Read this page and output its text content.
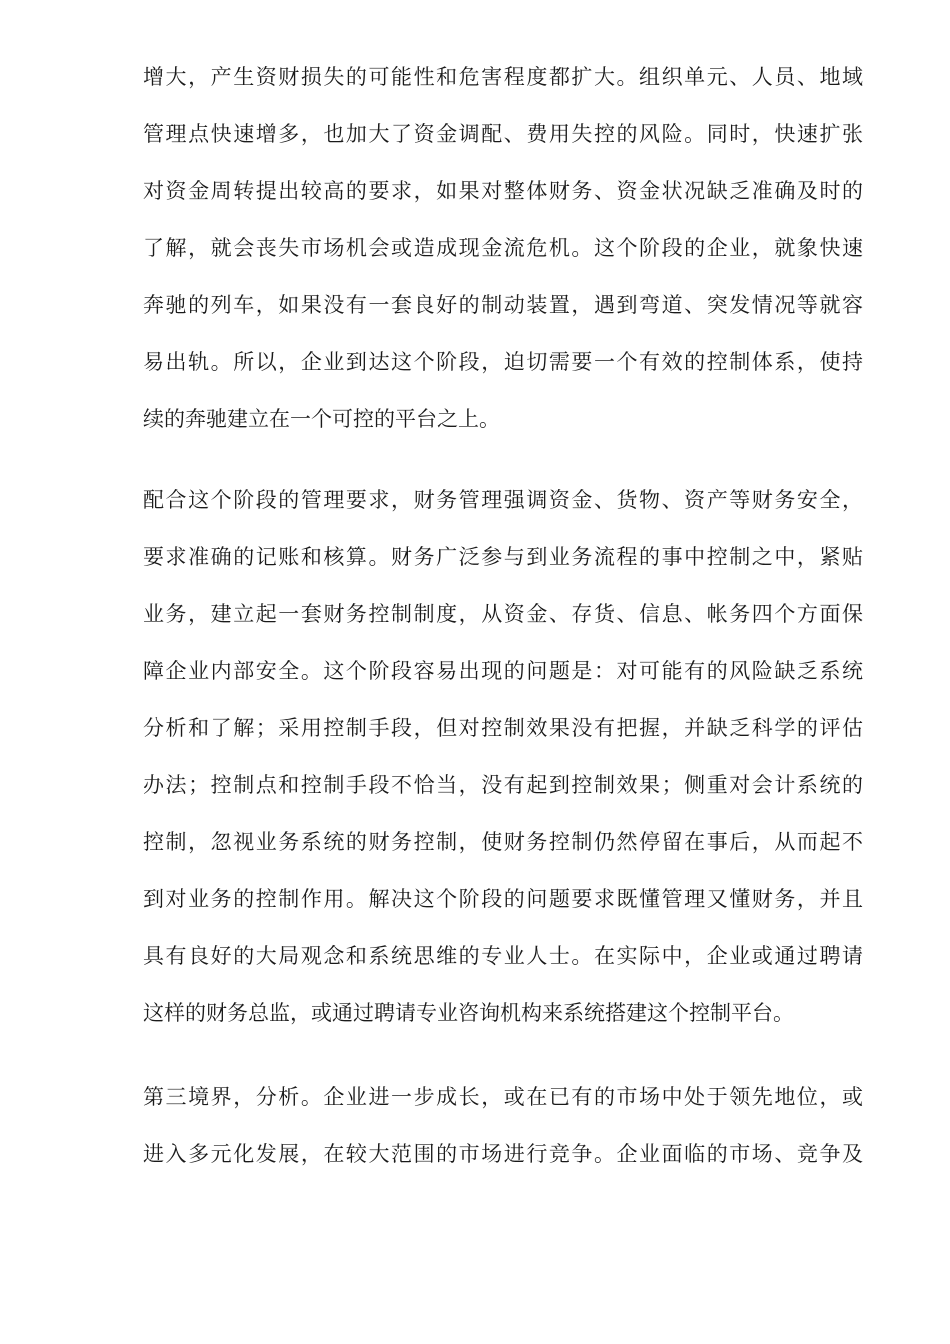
增大，产生资财损失的可能性和危害程度都扩大。组织单元、人员、地域
管理点快速增多，也加大了资金调配、费用失控的风险。同时，快速扩张
对资金周转提出较高的要求，如果对整体财务、资金状况缺乏准确及时的
了解，就会丧失市场机会或造成现金流危机。这个阶段的企业，就象快速
奔驰的列车，如果没有一套良好的制动装置，遇到弯道、突发情况等就容
易出轨。所以，企业到达这个阶段，迫切需要一个有效的控制体系，使持
续的奔驰建立在一个可控的平台之上。
配合这个阶段的管理要求，财务管理强调资金、货物、资产等财务安全，
要求准确的记账和核算。财务广泛参与到业务流程的事中控制之中，紧贴
业务，建立起一套财务控制制度，从资金、存货、信息、帐务四个方面保
障企业内部安全。这个阶段容易出现的问题是：对可能有的风险缺乏系统
分析和了解；采用控制手段，但对控制效果没有把握，并缺乏科学的评估
办法；控制点和控制手段不恰当，没有起到控制效果；侧重对会计系统的
控制，忽视业务系统的财务控制，使财务控制仍然停留在事后，从而起不
到对业务的控制作用。解决这个阶段的问题要求既懂管理又懂财务，并且
具有良好的大局观念和系统思维的专业人士。在实际中，企业或通过聘请
这样的财务总监，或通过聘请专业咨询机构来系统搭建这个控制平台。
第三境界，分析。企业进一步成长，或在已有的市场中处于领先地位，或
进入多元化发展，在较大范围的市场进行竞争。企业面临的市场、竞争及
